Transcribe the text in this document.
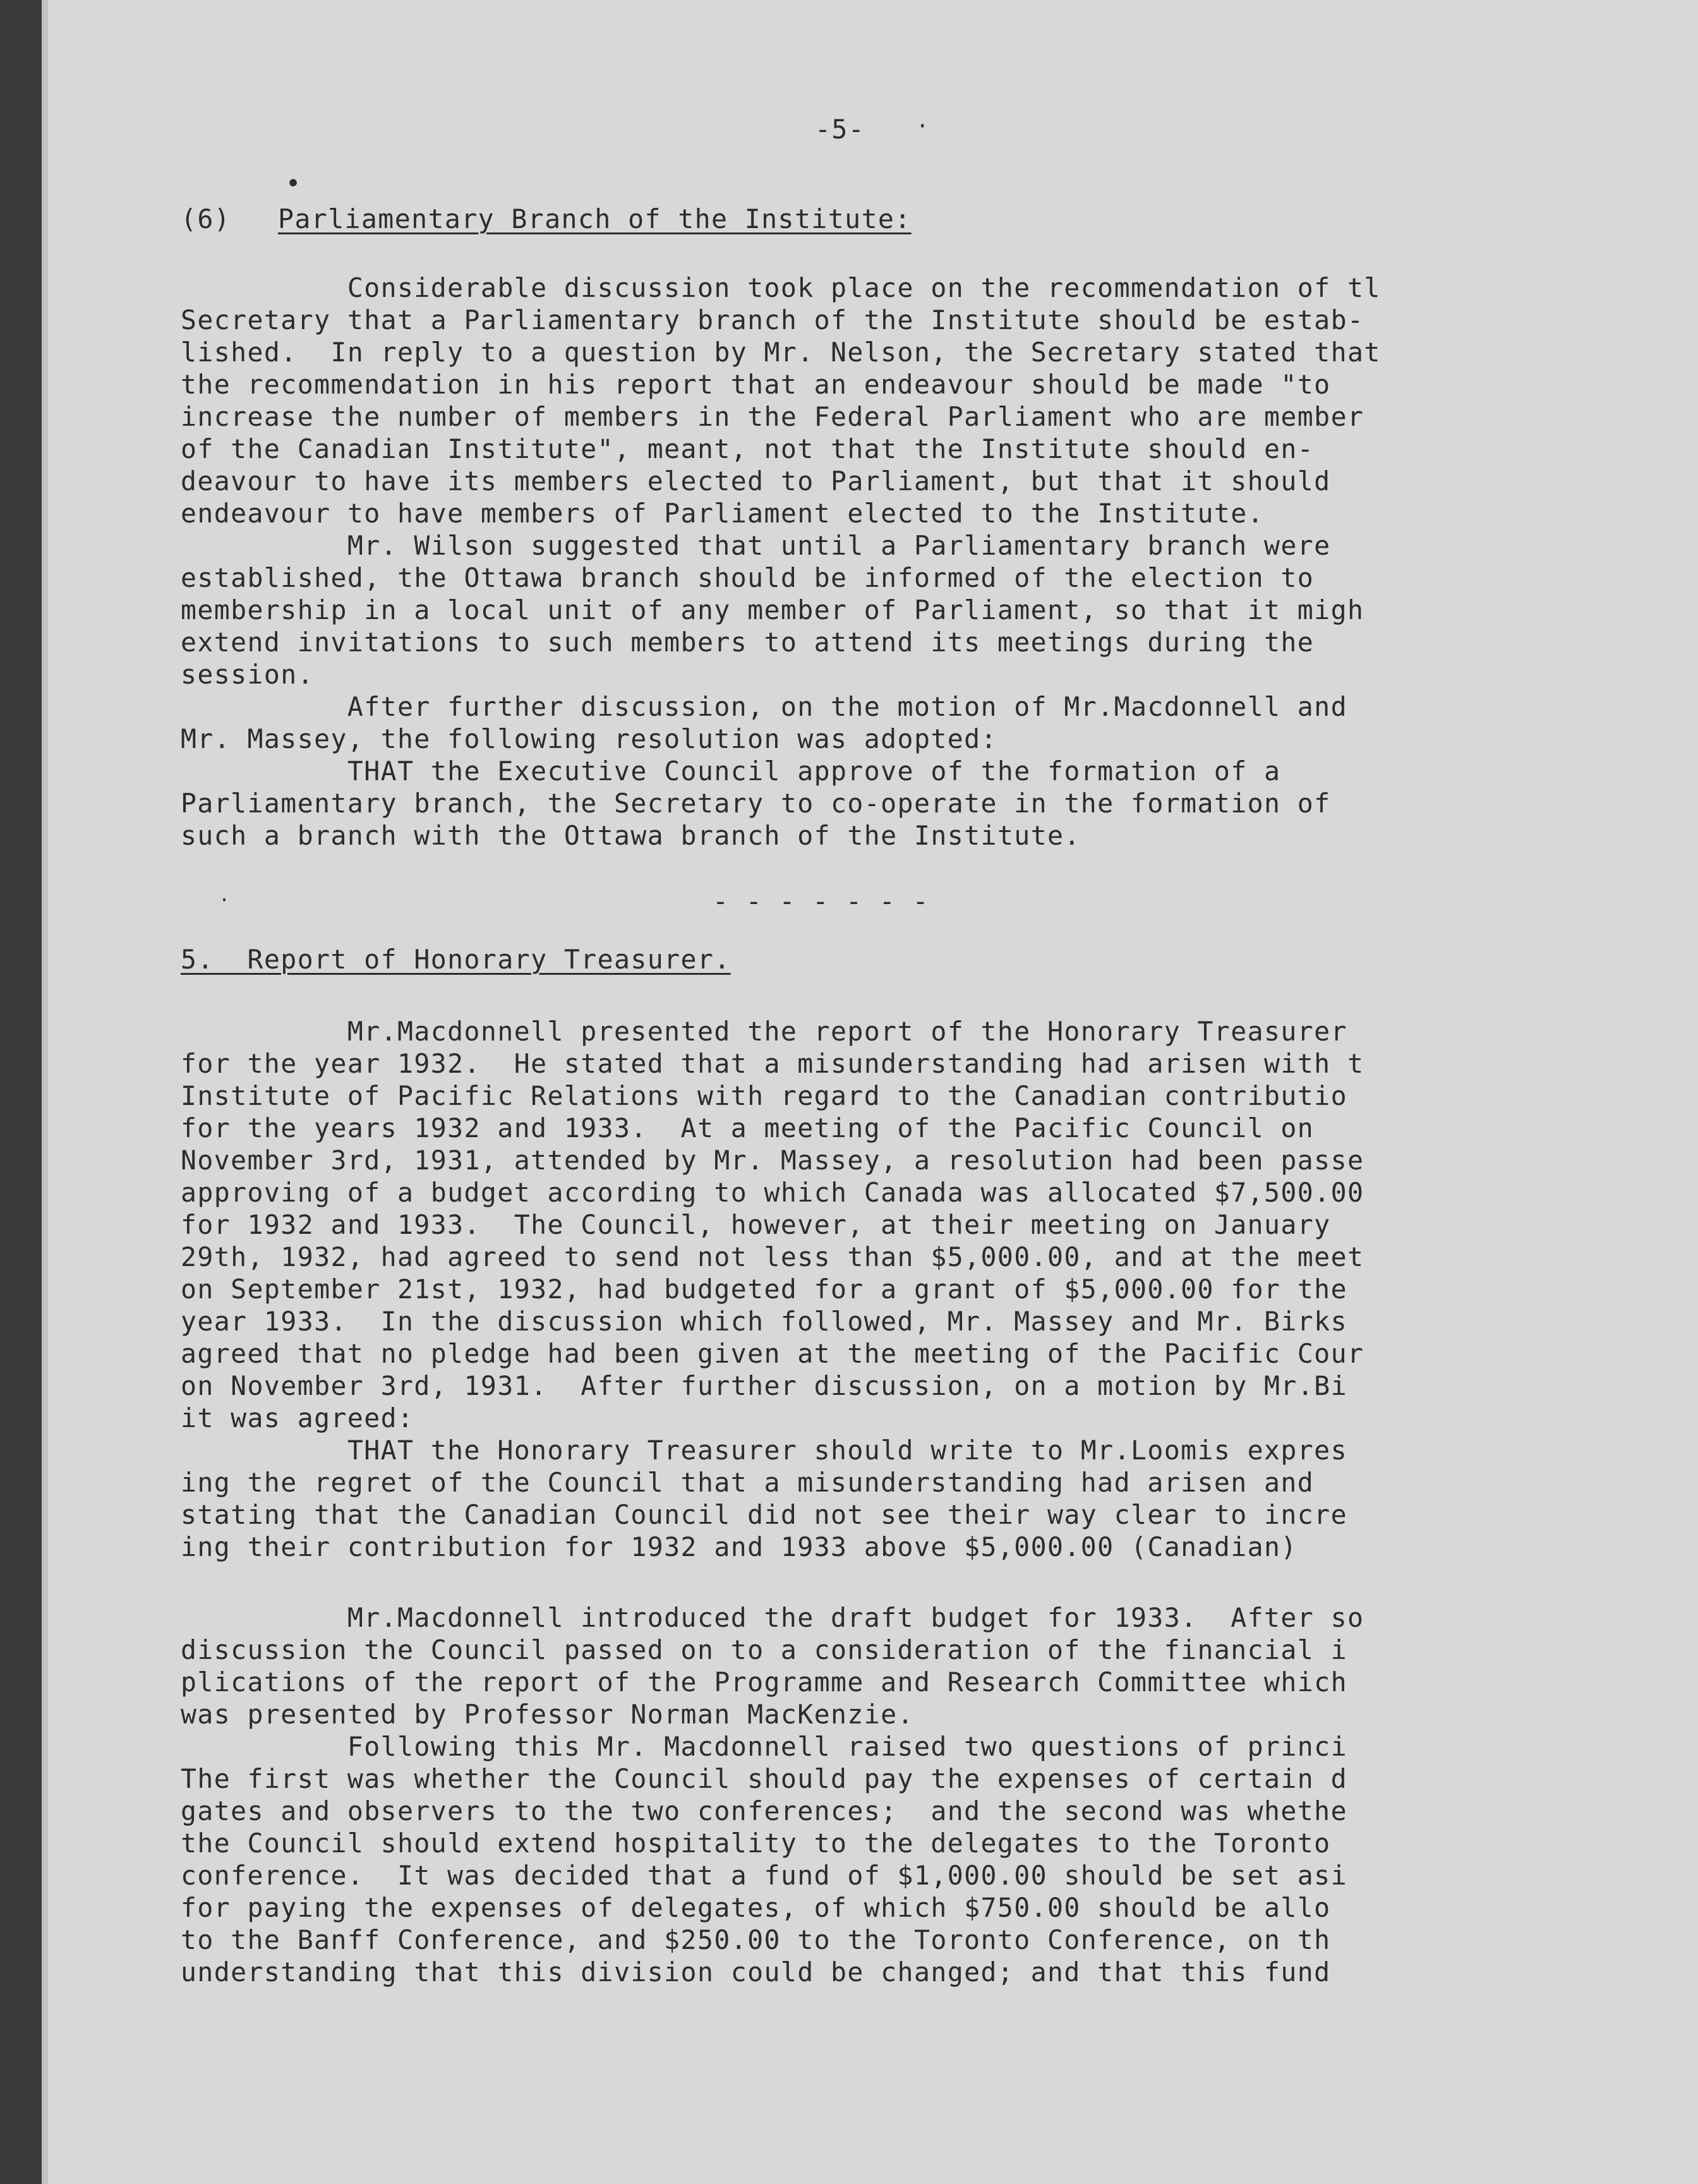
-5-
•
·
(6) Parliamentary Branch of the Institute:

Considerable discussion took place on the recommendation of tl

Secretary that a Parliamentary branch of the Institute should be estab-

lished.  In reply to a question by Mr. Nelson, the Secretary stated that

the recommendation in his report that an endeavour should be made "to

increase the number of members in the Federal Parliament who are member

of the Canadian Institute", meant, not that the Institute should en-

deavour to have its members elected to Parliament, but that it should

endeavour to have members of Parliament elected to the Institute.

Mr. Wilson suggested that until a Parliamentary branch were

established, the Ottawa branch should be informed of the election to

membership in a local unit of any member of Parliament, so that it migh

extend invitations to such members to attend its meetings during the

session.

After further discussion, on the motion of Mr.Macdonnell and

Mr. Massey, the following resolution was adopted:

THAT the Executive Council approve of the formation of a

Parliamentary branch, the Secretary to co-operate in the formation of

such a branch with the Ottawa branch of the Institute.

- - - - - - -
·
5.  Report of Honorary Treasurer.

Mr.Macdonnell presented the report of the Honorary Treasurer

for the year 1932.  He stated that a misunderstanding had arisen with t

Institute of Pacific Relations with regard to the Canadian contributio

for the years 1932 and 1933.  At a meeting of the Pacific Council on

November 3rd, 1931, attended by Mr. Massey, a resolution had been passe

approving of a budget according to which Canada was allocated $7,500.00

for 1932 and 1933.  The Council, however, at their meeting on January

29th, 1932, had agreed to send not less than $5,000.00, and at the meet

on September 21st, 1932, had budgeted for a grant of $5,000.00 for the

year 1933.  In the discussion which followed, Mr. Massey and Mr. Birks

agreed that no pledge had been given at the meeting of the Pacific Cour

on November 3rd, 1931.  After further discussion, on a motion by Mr.Bi

it was agreed:

THAT the Honorary Treasurer should write to Mr.Loomis expres

ing the regret of the Council that a misunderstanding had arisen and

stating that the Canadian Council did not see their way clear to incre

ing their contribution for 1932 and 1933 above $5,000.00 (Canadian)

Mr.Macdonnell introduced the draft budget for 1933.  After so

discussion the Council passed on to a consideration of the financial i

plications of the report of the Programme and Research Committee which

was presented by Professor Norman MacKenzie.

Following this Mr. Macdonnell raised two questions of princi

The first was whether the Council should pay the expenses of certain d

gates and observers to the two conferences;  and the second was whethe

the Council should extend hospitality to the delegates to the Toronto

conference.  It was decided that a fund of $1,000.00 should be set asi

for paying the expenses of delegates, of which $750.00 should be allo

to the Banff Conference, and $250.00 to the Toronto Conference, on th

understanding that this division could be changed; and that this fund
